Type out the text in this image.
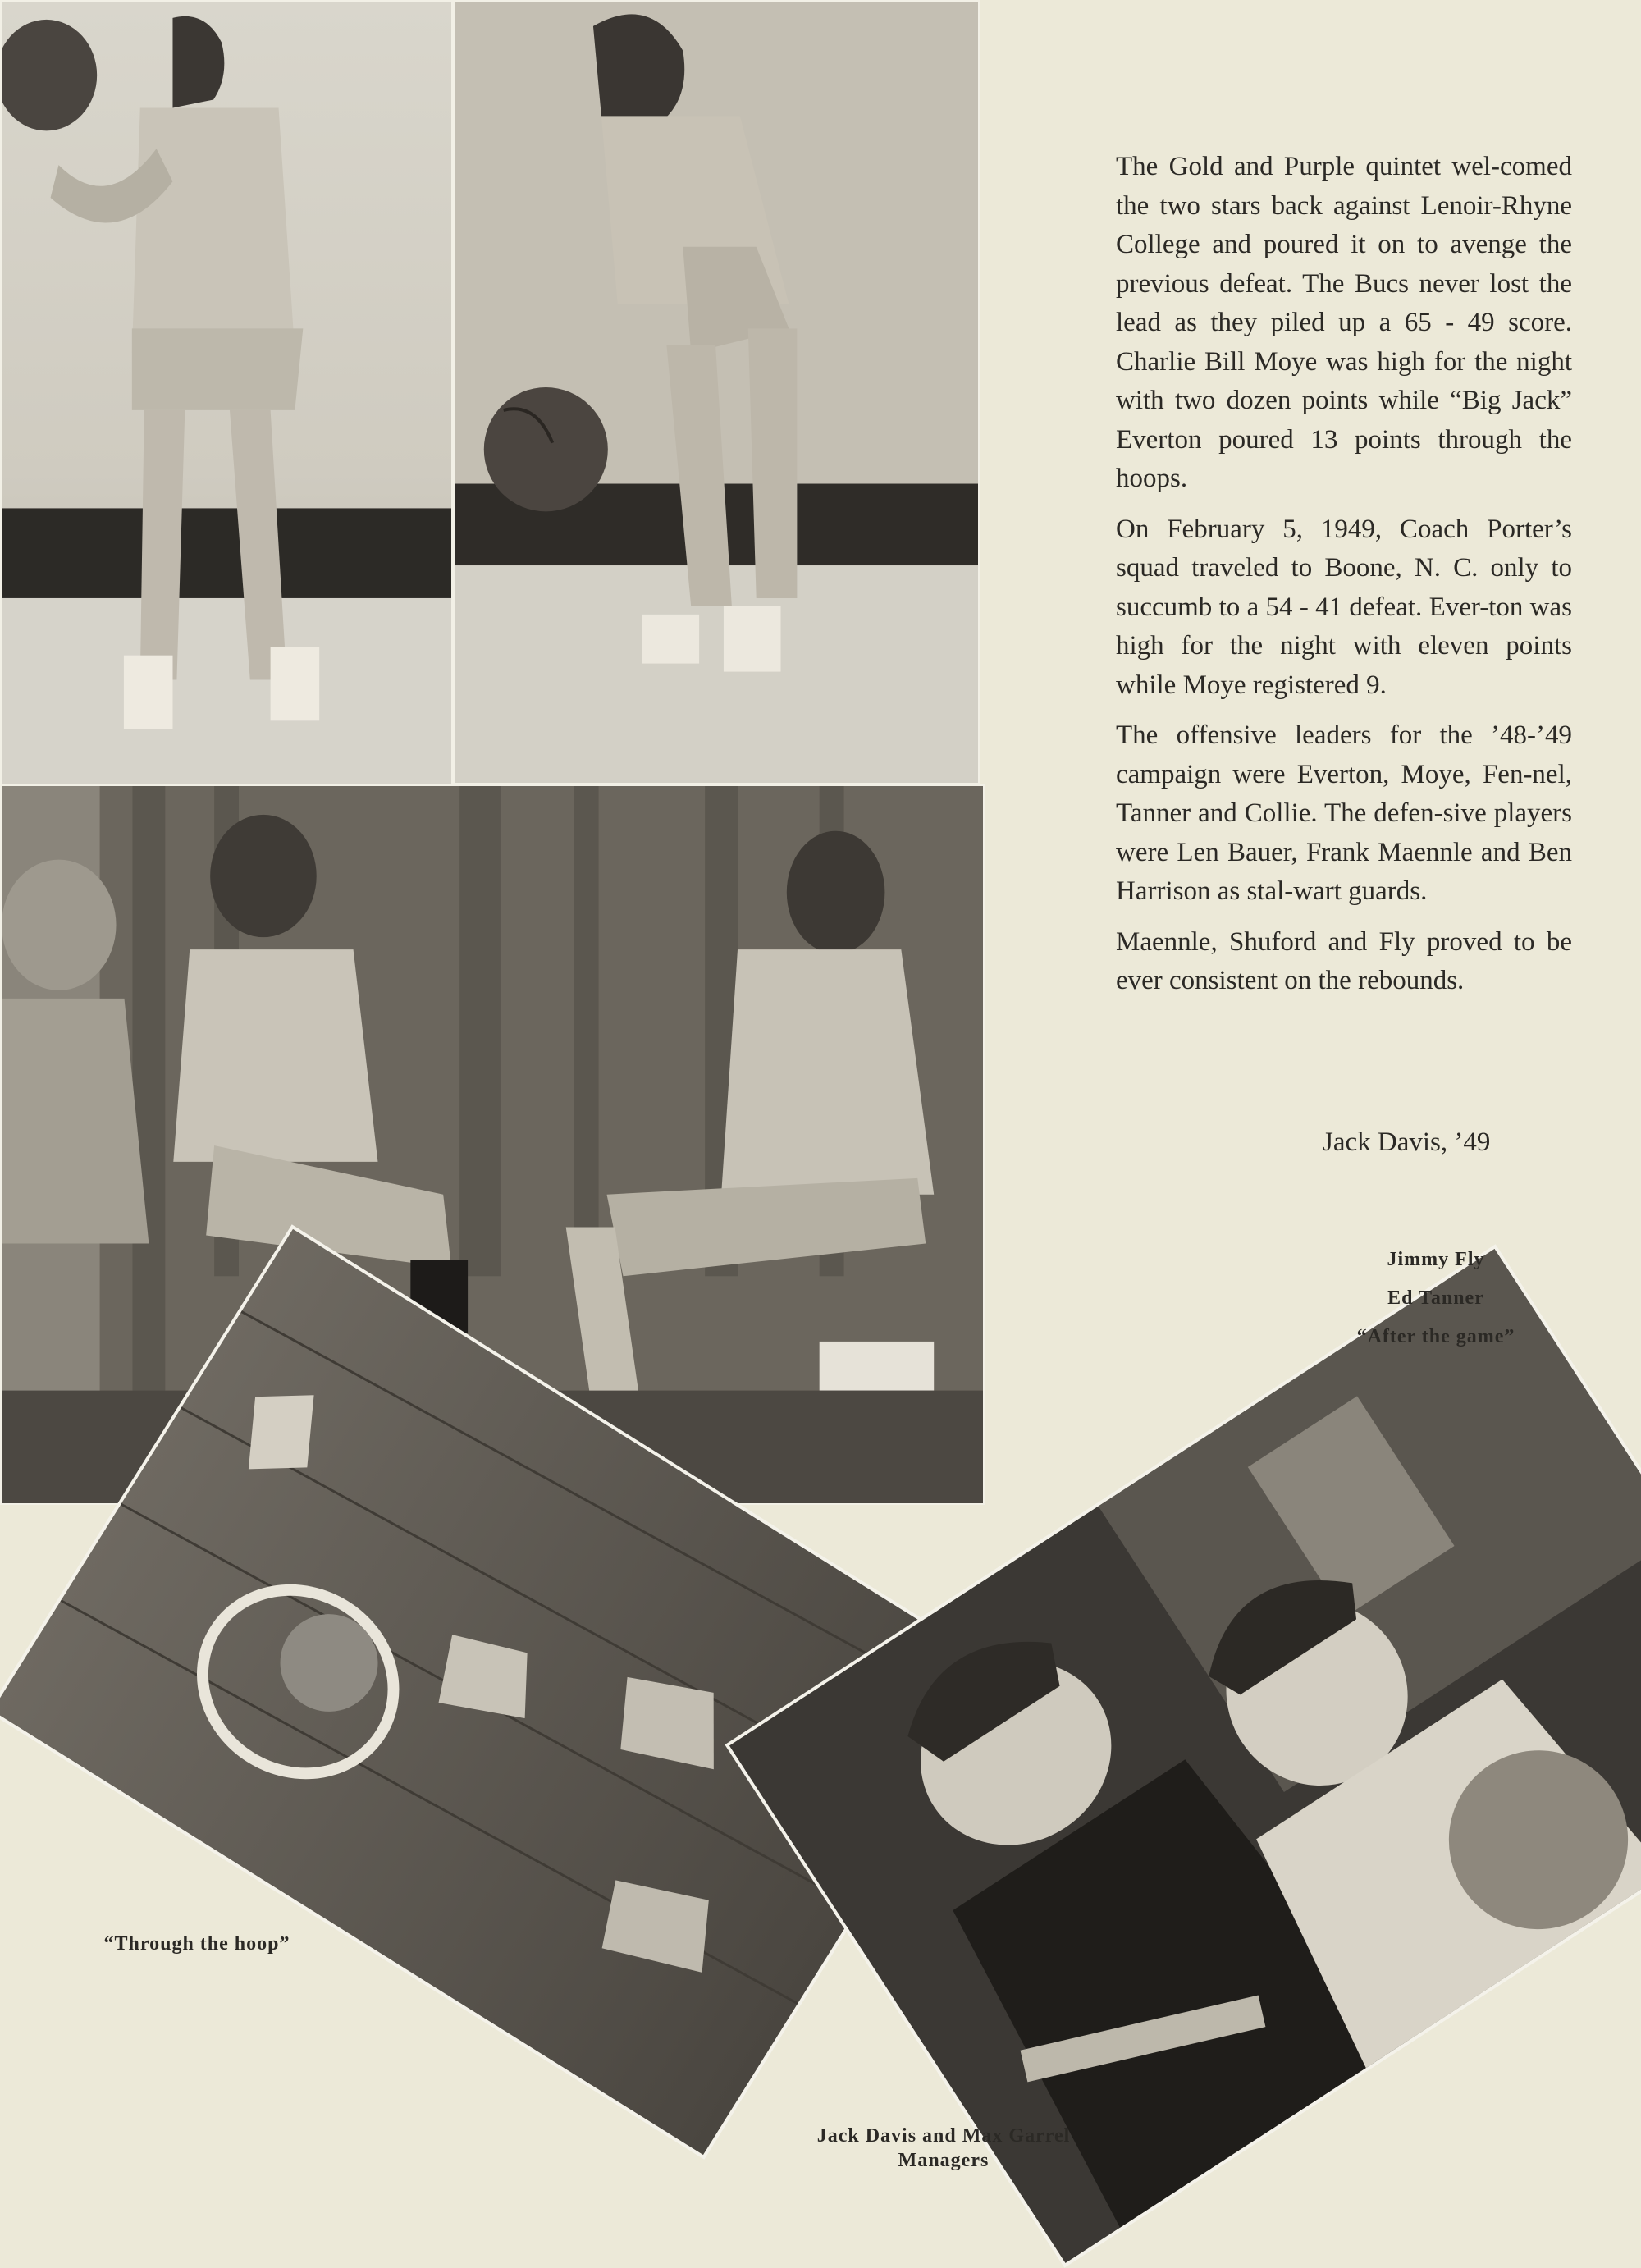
The Gold and Purple quintet wel-comed the two stars back against Lenoir-Rhyne College and poured it on to avenge the previous defeat. The Bucs never lost the lead as they piled up a 65 - 49 score. Charlie Bill Moye was high for the night with two dozen points while “Big Jack” Everton poured 13 points through the hoops.

On February 5, 1949, Coach Porter’s squad traveled to Boone, N. C. only to succumb to a 54 - 41 defeat. Ever-ton was high for the night with eleven points while Moye registered 9.

The offensive leaders for the ’48-’49 campaign were Everton, Moye, Fen-nel, Tanner and Collie. The defen-sive players were Len Bauer, Frank Maennle and Ben Harrison as stal-wart guards.

Maennle, Shuford and Fly proved to be ever consistent on the rebounds.

Jack Davis, ’49
Jimmy Fly
Ed Tanner
“After the game”
“Through the hoop”
Jack Davis and Max Garrel
Managers
